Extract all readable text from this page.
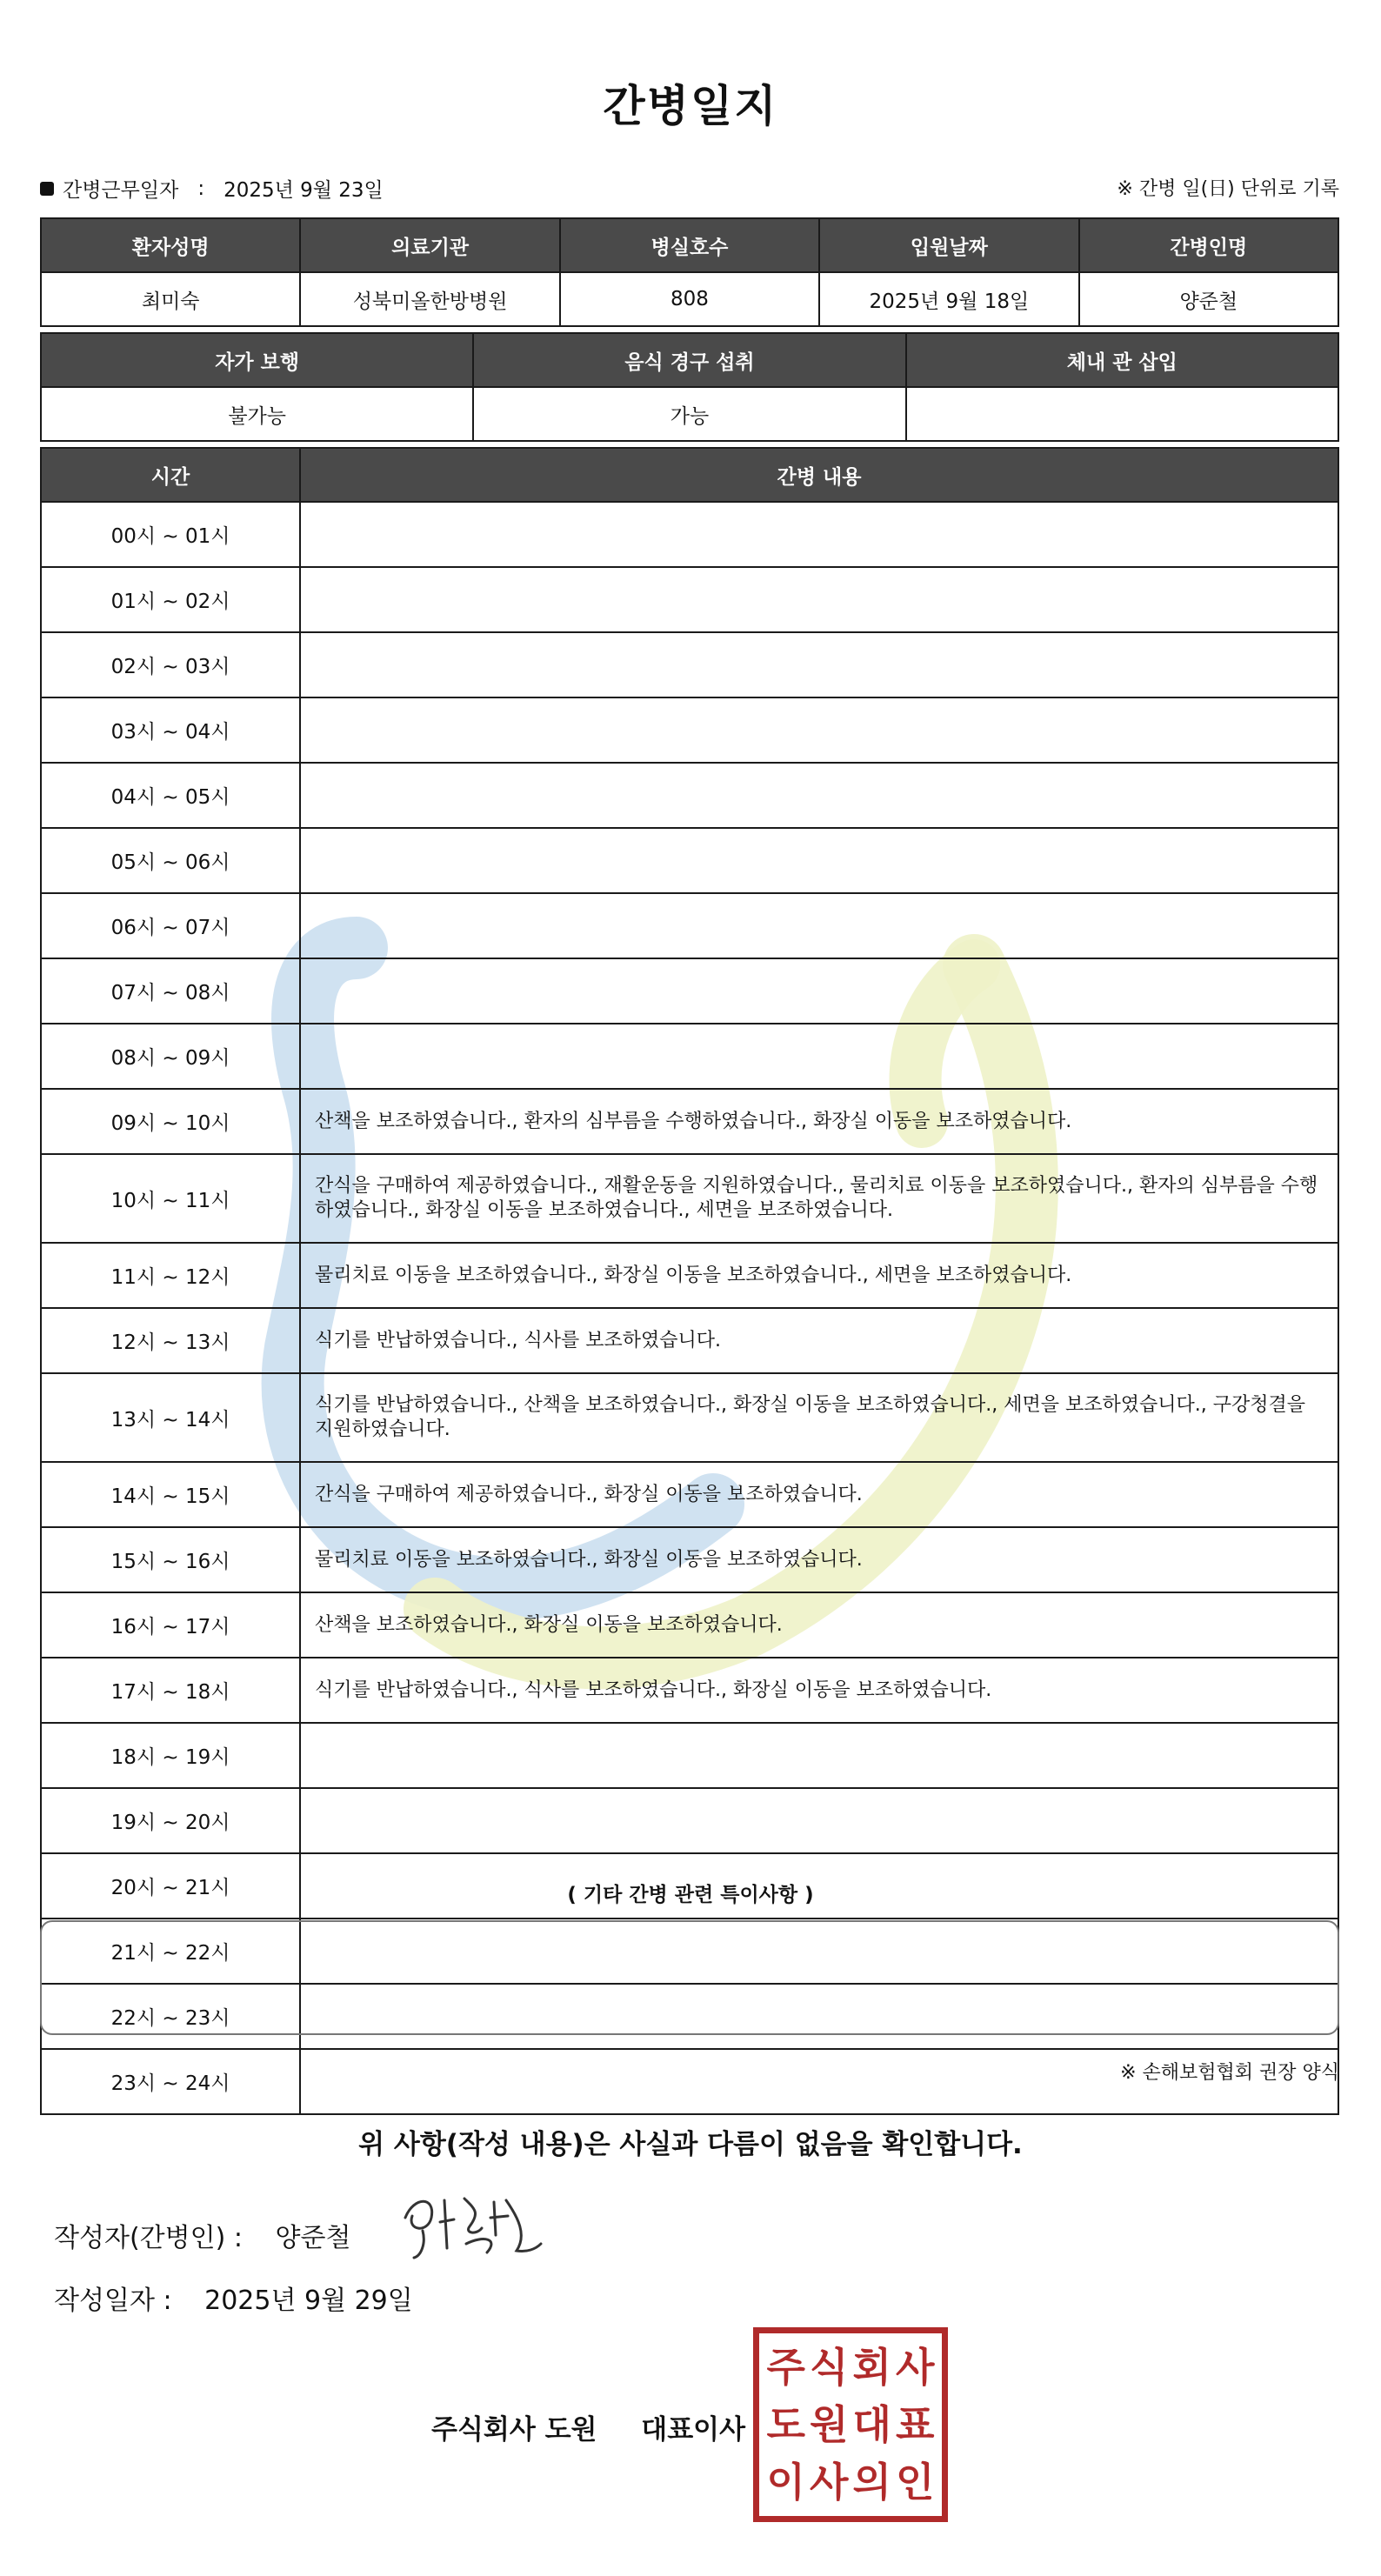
간병일지
간병근무일자 : 2025년 9월 23일	※ 간병 일(日) 단위로 기록
환자성명	의료기관	병실호수	입원날짜	간병인명
최미숙	성북미올한방병원	808	2025년 9월 18일	양준철
자가 보행	음식 경구 섭취	체내 관 삽입
불가능	가능	
시간	간병 내용
00시 ~ 01시	
01시 ~ 02시	
02시 ~ 03시	
03시 ~ 04시	
04시 ~ 05시	
05시 ~ 06시	
06시 ~ 07시	
07시 ~ 08시	
08시 ~ 09시	
09시 ~ 10시	산책을 보조하였습니다., 환자의 심부름을 수행하였습니다., 화장실 이동을 보조하였습니다.
10시 ~ 11시	간식을 구매하여 제공하였습니다., 재활운동을 지원하였습니다., 물리치료 이동을 보조하였습니다., 환자의 심부름을 수행하였습니다., 화장실 이동을 보조하였습니다., 세면을 보조하였습니다.
11시 ~ 12시	물리치료 이동을 보조하였습니다., 화장실 이동을 보조하였습니다., 세면을 보조하였습니다.
12시 ~ 13시	식기를 반납하였습니다., 식사를 보조하였습니다.
13시 ~ 14시	식기를 반납하였습니다., 산책을 보조하였습니다., 화장실 이동을 보조하였습니다., 세면을 보조하였습니다., 구강청결을 지원하였습니다.
14시 ~ 15시	간식을 구매하여 제공하였습니다., 화장실 이동을 보조하였습니다.
15시 ~ 16시	물리치료 이동을 보조하였습니다., 화장실 이동을 보조하였습니다.
16시 ~ 17시	산책을 보조하였습니다., 화장실 이동을 보조하였습니다.
17시 ~ 18시	식기를 반납하였습니다., 식사를 보조하였습니다., 화장실 이동을 보조하였습니다.
18시 ~ 19시	
19시 ~ 20시	
20시 ~ 21시	
21시 ~ 22시	
22시 ~ 23시	
23시 ~ 24시	
( 기타 간병 관련 특이사항 )
※ 손해보험협회 권장 양식
위 사항(작성 내용)은 사실과 다름이 없음을 확인합니다.
작성자(간병인) : 양준철
작성일자 : 2025년 9월 29일
주식회사 도원 대표이사
주 식 회 사
도 원 대 표
이 사 의 인
